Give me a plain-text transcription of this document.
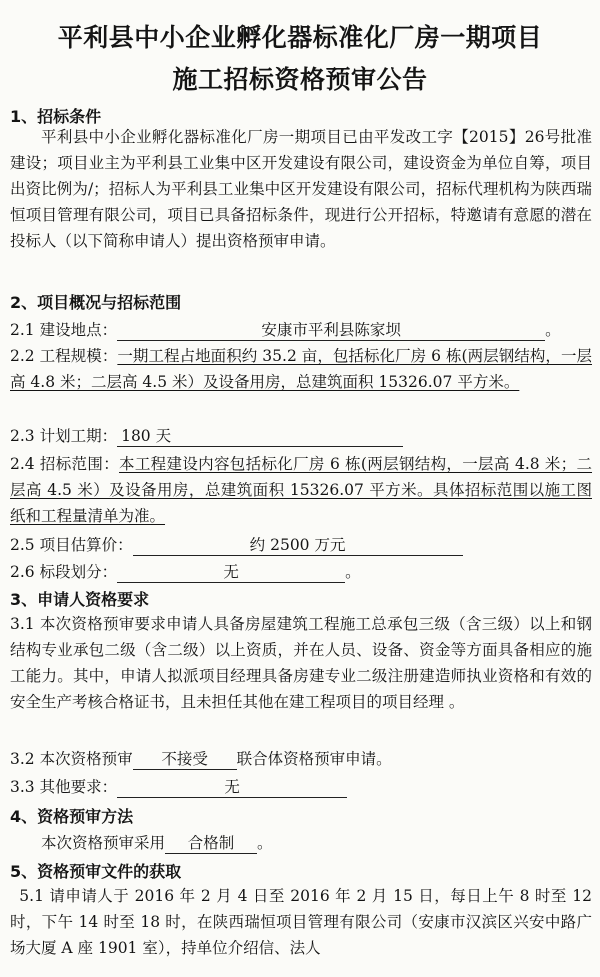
平利县中小企业孵化器标准化厂房一期项目
施工招标资格预审公告
1、招标条件
平利县中小企业孵化器标准化厂房一期项目已由平发改工字【2015】26号批准建设；项目业主为平利县工业集中区开发建设有限公司，建设资金为单位自筹，项目出资比例为/；招标人为平利县工业集中区开发建设有限公司，招标代理机构为陕西瑞恒项目管理有限公司，项目已具备招标条件，现进行公开招标，特邀请有意愿的潜在投标人（以下简称申请人）提出资格预审申请。
2、项目概况与招标范围
2.1 建设地点：	安康市平利县陈家坝	。
2.2 工程规模：一期工程占地面积约 35.2 亩，包括标化厂房 6 栋(两层钢结构，一层高 4.8 米；二层高 4.5 米）及设备用房，总建筑面积 15326.07 平方米。
2.3 计划工期： 180 天
2.4 招标范围：本工程建设内容包括标化厂房 6 栋(两层钢结构，一层高 4.8 米；二层高 4.5 米）及设备用房，总建筑面积 15326.07 平方米。具体招标范围以施工图纸和工程量清单为准。
2.5 项目估算价：	约 2500 万元
2.6 标段划分：	无	。
3、申请人资格要求
3.1 本次资格预审要求申请人具备房屋建筑工程施工总承包三级（含三级）以上和钢结构专业承包二级（含二级）以上资质，并在人员、设备、资金等方面具备相应的施工能力。其中，申请人拟派项目经理具备房建专业二级注册建造师执业资格和有效的安全生产考核合格证书，且未担任其他在建工程项目的项目经理 。
3.2 本次资格预审 不接受 联合体资格预审申请。
3.3 其他要求：	无
4、资格预审方法
本次资格预审采用 合格制 。
5、资格预审文件的获取
5.1 请申请人于 2016 年 2 月 4 日至 2016 年 2 月 15 日，每日上午 8 时至 12 时，下午 14 时至 18 时，在陕西瑞恒项目管理有限公司（安康市汉滨区兴安中路广场大厦 A 座 1901 室），持单位介绍信、法人
